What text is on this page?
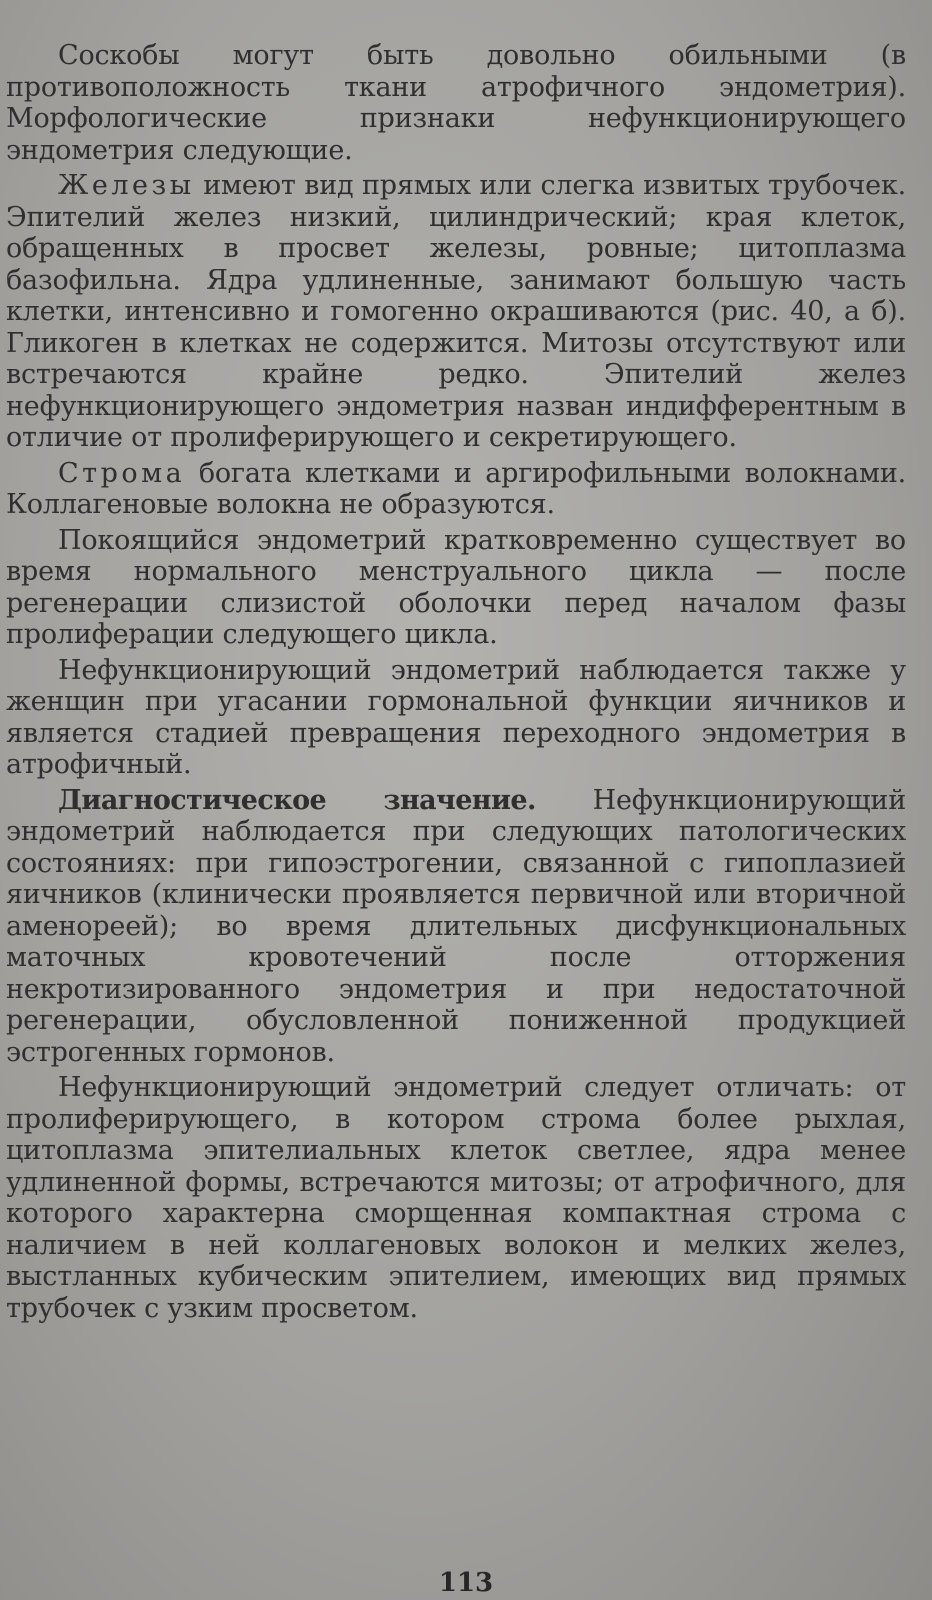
Соскобы могут быть довольно обильными (в противоположность ткани атрофичного эндометрия). Морфологические признаки нефункционирующего эндометрия следующие.

Железы имеют вид прямых или слегка извитых трубочек. Эпителий желез низкий, цилиндрический; края клеток, обращенных в просвет железы, ровные; цитоплазма базофильна. Ядра удлиненные, занимают большую часть клетки, интенсивно и гомогенно окрашиваются (рис. 40, а б). Гликоген в клетках не содержится. Митозы отсутствуют или встречаются крайне редко. Эпителий желез нефункционирующего эндометрия назван индифферентным в отличие от пролиферирующего и секретирующего.

Строма богата клетками и аргирофильными волокнами. Коллагеновые волокна не образуются.

Покоящийся эндометрий кратковременно существует во время нормального менструального цикла — после регенерации слизистой оболочки перед началом фазы пролиферации следующего цикла.

Нефункционирующий эндометрий наблюдается также у женщин при угасании гормональной функции яичников и является стадией превращения переходного эндометрия в атрофичный.

Диагностическое значение. Нефункционирующий эндометрий наблюдается при следующих патологических состояниях: при гипоэстрогении, связанной с гипоплазией яичников (клинически проявляется первичной или вторичной аменореей); во время длительных дисфункциональных маточных кровотечений после отторжения некротизированного эндометрия и при недостаточной регенерации, обусловленной пониженной продукцией эстрогенных гормонов.

Нефункционирующий эндометрий следует отличать: от пролиферирующего, в котором строма более рыхлая, цитоплазма эпителиальных клеток светлее, ядра менее удлиненной формы, встречаются митозы; от атрофичного, для которого характерна сморщенная компактная строма с наличием в ней коллагеновых волокон и мелких желез, выстланных кубическим эпителием, имеющих вид прямых трубочек с узким просветом.

113
